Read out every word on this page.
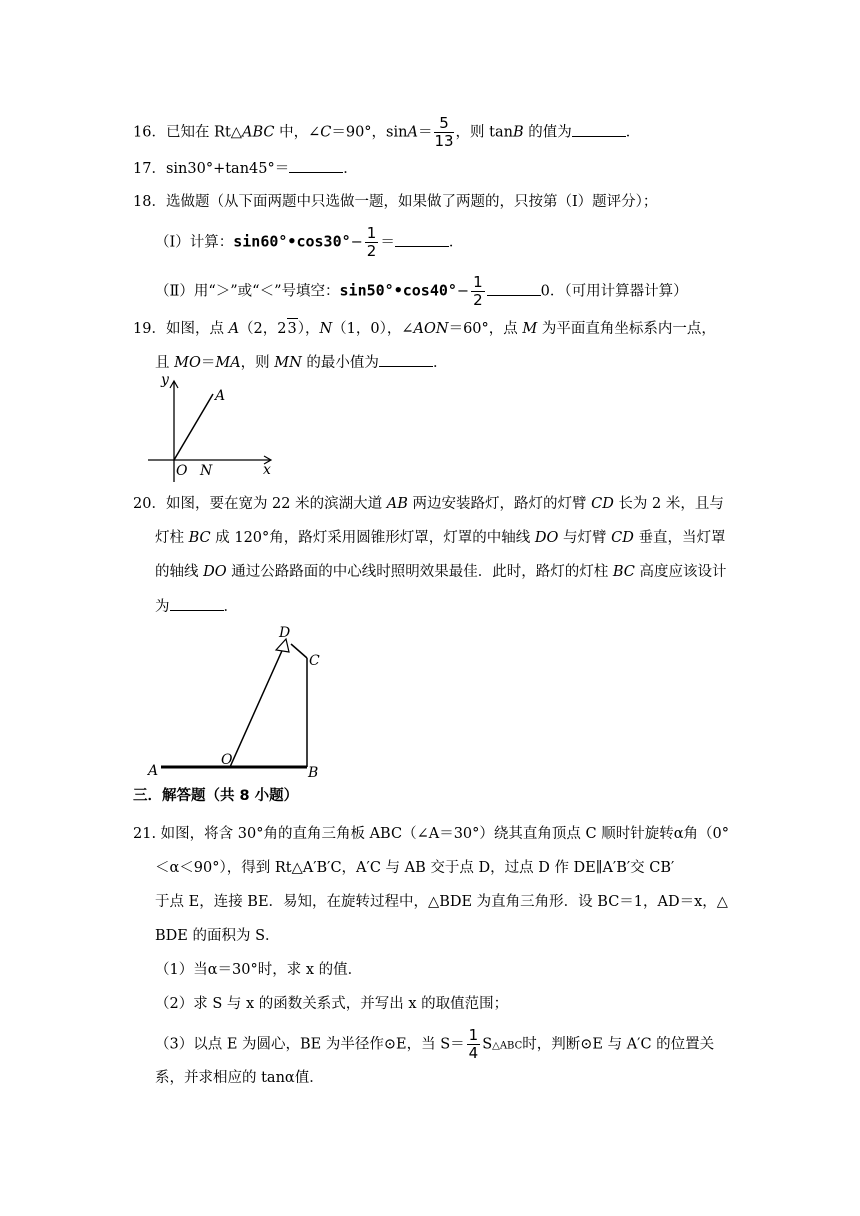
16．已知在 Rt△ABC 中，∠C＝90°，$\sin A= \frac{5}{13}$ ，则 tanB 的值为	．
17．sin30°+tan45°＝	．
18．选做题（从下面两题中只选做一题，如果做了两题的，只按第（I）题评分）；
（Ⅰ）计算：sin60°•cos30°− $\frac{1}{2}$ ＝	．
（Ⅱ）用“＞”或“＜”号填空：sin50°•cos40°− $\frac{1}{2}$	0．（可用计算器计算）
19．如图，点 A（2，23），N（1，0），∠AON＝60°，点 M 为平面直角坐标系内一点，
且 MO＝MA，则 MN 的最小值为	．
y
x
A
O N
20．如图，要在宽为 22 米的滨湖大道 AB 两边安装路灯，路灯的灯臂 CD 长为 2 米，且与
灯柱 BC 成 120°角，路灯采用圆锥形灯罩，灯罩的中轴线 DO 与灯臂 CD 垂直，当灯罩
的轴线 DO 通过公路路面的中心线时照明效果最佳．此时，路灯的灯柱 BC 高度应该设计
为	．
D
C
O
A	B
三．解答题（共 8 小题）
21. 如图，将含 30°角的直角三角板 ABC（∠A＝30°）绕其直角顶点 C 顺时针旋转α角（0°
＜α＜90°），得到 Rt△A′B′C，A′C 与 AB 交于点 D，过点 D 作 DE∥A′B′交 CB′
于点 E，连接 BE．易知，在旋转过程中，△BDE 为直角三角形．设 BC＝1，AD＝x，△
BDE 的面积为 S．
（1）当α＝30°时，求 x 的值．
（2）求 S 与 x 的函数关系式，并写出 x 的取值范围；
（3）以点 E 为圆心，BE 为半径作⊙E，当 $S= \frac{1}{4}$ S△ABC时，判断⊙E 与 A′C 的位置关
系，并求相应的 tanα值．
